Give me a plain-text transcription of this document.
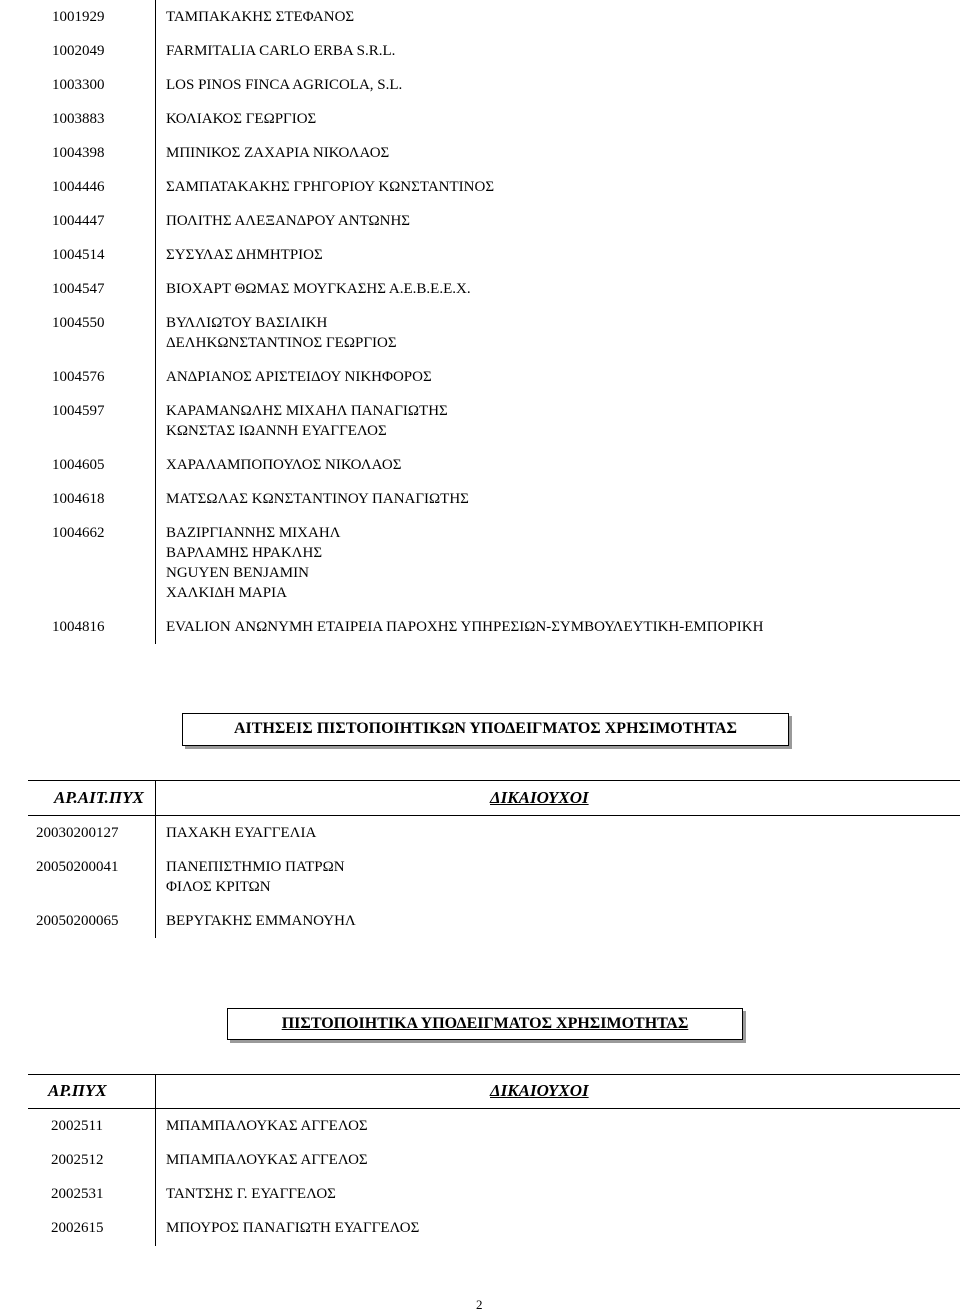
1001929	ΤΑΜΠΑΚΑΚΗΣ ΣΤΕΦΑΝΟΣ
1002049	FARMITALIA CARLO ERBA S.R.L.
1003300	LOS PINOS FINCA AGRICOLA, S.L.
1003883	ΚΟΛΙΑΚΟΣ ΓΕΩΡΓΙΟΣ
1004398	ΜΠΙΝΙΚΟΣ ΖΑΧΑΡΙΑ ΝΙΚΟΛΑΟΣ
1004446	ΣΑΜΠΑΤΑΚΑΚΗΣ ΓΡΗΓΟΡΙΟΥ ΚΩΝΣΤΑΝΤΙΝΟΣ
1004447	ΠΟΛΙΤΗΣ ΑΛΕΞΑΝΔΡΟΥ ΑΝΤΩΝΗΣ
1004514	ΣΥΣΥΛΑΣ ΔΗΜΗΤΡΙΟΣ
1004547	ΒΙΟΧΑΡΤ ΘΩΜΑΣ ΜΟΥΓΚΑΣΗΣ Α.Ε.Β.Ε.Ε.Χ.
1004550	ΒΥΛΛΙΩΤΟΥ ΒΑΣΙΛΙΚΗ
ΔΕΛΗΚΩΝΣΤΑΝΤΙΝΟΣ ΓΕΩΡΓΙΟΣ
1004576	ΑΝΔΡΙΑΝΟΣ ΑΡΙΣΤΕΙΔΟΥ ΝΙΚΗΦΟΡΟΣ
1004597	ΚΑΡΑΜΑΝΩΛΗΣ ΜΙΧΑΗΛ ΠΑΝΑΓΙΩΤΗΣ
ΚΩΝΣΤΑΣ ΙΩΑΝΝΗ ΕΥΑΓΓΕΛΟΣ
1004605	ΧΑΡΑΛΑΜΠΟΠΟΥΛΟΣ ΝΙΚΟΛΑΟΣ
1004618	ΜΑΤΣΩΛΑΣ ΚΩΝΣΤΑΝΤΙΝΟΥ ΠΑΝΑΓΙΩΤΗΣ
1004662	ΒΑΖΙΡΓΙΑΝΝΗΣ ΜΙΧΑΗΛ
ΒΑΡΛΑΜΗΣ ΗΡΑΚΛΗΣ
NGUYEN BENJAMIN
ΧΑΛΚΙΔΗ ΜΑΡΙΑ
1004816	EVALION ΑΝΩΝΥΜΗ ΕΤΑΙΡΕΙΑ ΠΑΡΟΧΗΣ ΥΠΗΡΕΣΙΩΝ-ΣΥΜΒΟΥΛΕΥΤΙΚΗ-ΕΜΠΟΡΙΚΗ
ΑΙΤΗΣΕΙΣ ΠΙΣΤΟΠΟΙΗΤΙΚΩΝ ΥΠΟΔΕΙΓΜΑΤΟΣ ΧΡΗΣΙΜΟΤΗΤΑΣ
ΑΡ.ΑΙΤ.ΠΥΧ	ΔΙΚΑΙΟΥΧΟΙ
20030200127	ΠΑΧΑΚΗ ΕΥΑΓΓΕΛΙΑ
20050200041	ΠΑΝΕΠΙΣΤΗΜΙΟ ΠΑΤΡΩΝ
ΦΙΛΟΣ ΚΡΙΤΩΝ
20050200065	ΒΕΡΥΓΑΚΗΣ ΕΜΜΑΝΟΥΗΛ
ΠΙΣΤΟΠΟΙΗΤΙΚΑ ΥΠΟΔΕΙΓΜΑΤΟΣ ΧΡΗΣΙΜΟΤΗΤΑΣ
ΑΡ.ΠΥΧ	ΔΙΚΑΙΟΥΧΟΙ
2002511	ΜΠΑΜΠΑΛΟΥΚΑΣ ΑΓΓΕΛΟΣ
2002512	ΜΠΑΜΠΑΛΟΥΚΑΣ ΑΓΓΕΛΟΣ
2002531	ΤΑΝΤΣΗΣ Γ. ΕΥΑΓΓΕΛΟΣ
2002615	ΜΠΟΥΡΟΣ ΠΑΝΑΓΙΩΤΗ ΕΥΑΓΓΕΛΟΣ
2
